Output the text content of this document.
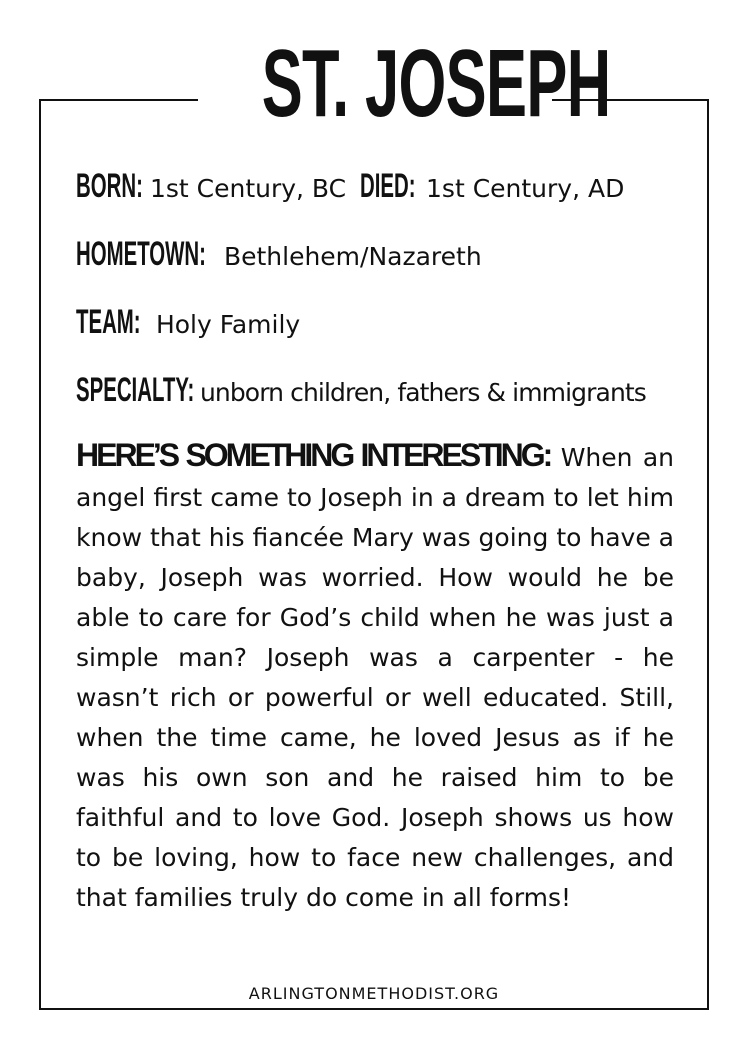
ST. JOSEPH
BORN: 1st Century, BC DIED: 1st Century, AD
HOMETOWN: Bethlehem/Nazareth
TEAM: Holy Family
SPECIALTY: unborn children, fathers & immigrants

HERE’S SOMETHING INTERESTING: When an angel first came to Joseph in a dream to let him know that his fiancée Mary was going to have a baby, Joseph was worried. How would he be able to care for God’s child when he was just a simple man? Joseph was a carpenter - he wasn’t rich or powerful or well educated. Still, when the time came, he loved Jesus as if he was his own son and he raised him to be faithful and to love God. Joseph shows us how to be loving, how to face new challenges, and that families truly do come in all forms!

ARLINGTONMETHODIST.ORG
